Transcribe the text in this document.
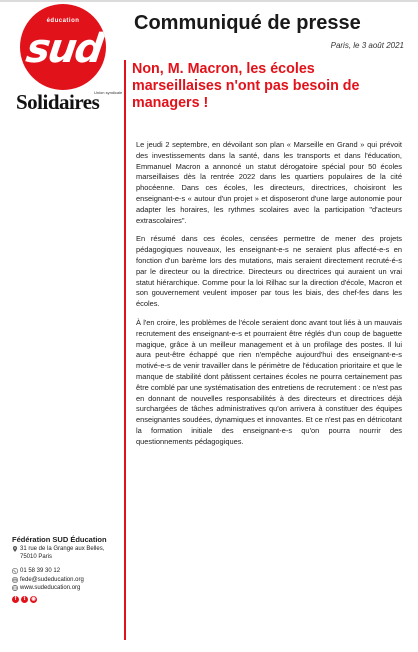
éducation
sud
Solidaires
Union syndicale
Communiqué de presse
Paris, le 3 août 2021
Non, M. Macron, les écoles marseillaises n'ont pas besoin de managers !

Le jeudi 2 septembre, en dévoilant son plan « Marseille en Grand » qui prévoit des investissements dans la santé, dans les transports et dans l'éducation, Emmanuel Macron a annoncé un statut dérogatoire spécial pour 50 écoles marseillaises dès la rentrée 2022 dans les quartiers populaires de la cité phocéenne. Dans ces écoles, les directeurs, directrices, choisiront les enseignant-e-s « autour d'un projet » et disposeront d'une large autonomie pour adapter les horaires, les rythmes scolaires avec la participation "d'acteurs extrascolaires".

En résumé dans ces écoles, censées permettre de mener des projets pédagogiques nouveaux, les enseignant-e-s ne seraient plus affecté-e-s en fonction d'un barème lors des mutations, mais seraient directement recruté-é-s par le directeur ou la directrice. Directeurs ou directrices qui auraient un vrai statut hiérarchique. Comme pour la loi Rilhac sur la direction d'école, Macron et son gouvernement veulent imposer par tous les biais, des chef-fes dans les écoles.

À l'en croire, les problèmes de l'école seraient donc avant tout liés à un mauvais recrutement des enseignant-e-s et pourraient être réglés d'un coup de baguette magique, grâce à un meilleur management et à un profilage des postes. Il lui aura peut-être échappé que rien n'empêche aujourd'hui des enseignant-e-s motivé-e-s de venir travailler dans le périmètre de l'éducation prioritaire et que le manque de stabilité dont pâtissent certaines écoles ne pourra certainement pas être comblé par une systématisation des entretiens de recrutement : ce n'est pas en donnant de nouvelles responsabilités à des directeurs et directrices déjà surchargées de tâches administratives qu'on arrivera à constituer des équipes enseignantes soudées, dynamiques et innovantes. Et ce n'est pas en détricotant la formation initiale des enseignant-e-s qu'on pourra nourrir des questionnements pédagogiques.

Fédération SUD Éducation
31 rue de la Grange aux Belles,
75010 Paris
01 58 39 30 12
fede@sudeducation.org
www.sudeducation.org
f	t	◉
